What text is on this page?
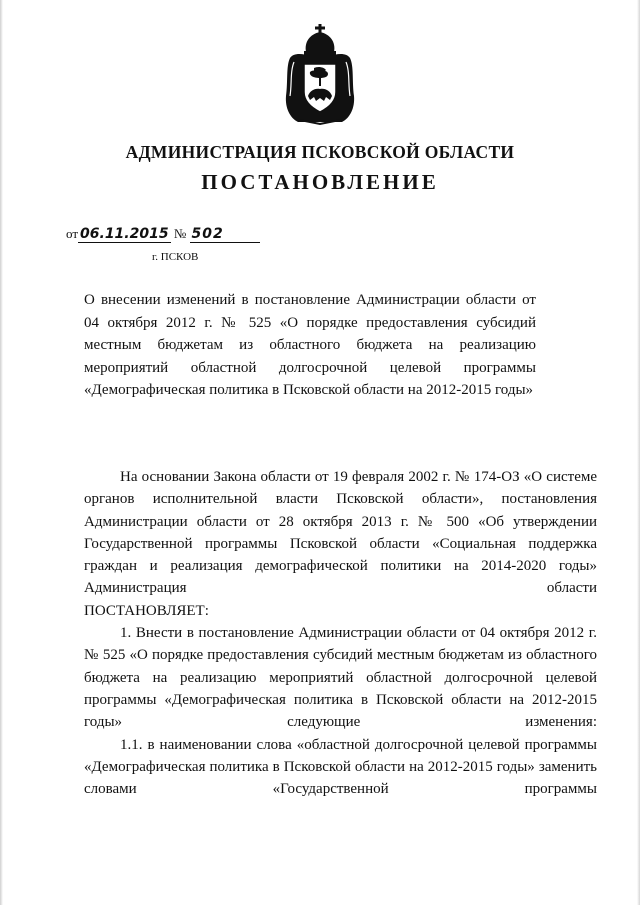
АДМИНИСТРАЦИЯ ПСКОВСКОЙ ОБЛАСТИ
ПОСТАНОВЛЕНИЕ
от 06.11.2015 № 502
г. ПСКОВ
О внесении изменений в постановление Администрации области от 04 октября 2012 г. № 525 «О порядке предоставления субсидий местным бюджетам из областного бюджета на реализацию мероприятий областной долгосрочной целевой программы «Демографическая политика в Псковской области на 2012-2015 годы»

На основании Закона области от 19 февраля 2002 г. № 174-ОЗ «О системе органов исполнительной власти Псковской области», постановления Администрации области от 28 октября 2013 г. № 500 «Об утверждении Государственной программы Псковской области «Социальная поддержка граждан и реализация демографической политики на 2014-2020 годы» Администрация области

ПОСТАНОВЛЯЕТ:

1. Внести в постановление Администрации области от 04 октября 2012 г. № 525 «О порядке предоставления субсидий местным бюджетам из областного бюджета на реализацию мероприятий областной долгосрочной целевой программы «Демографическая политика в Псковской области на 2012-2015 годы» следующие изменения:

1.1. в наименовании слова «областной долгосрочной целевой программы «Демографическая политика в Псковской области на 2012-2015 годы» заменить словами «Государственной программы
